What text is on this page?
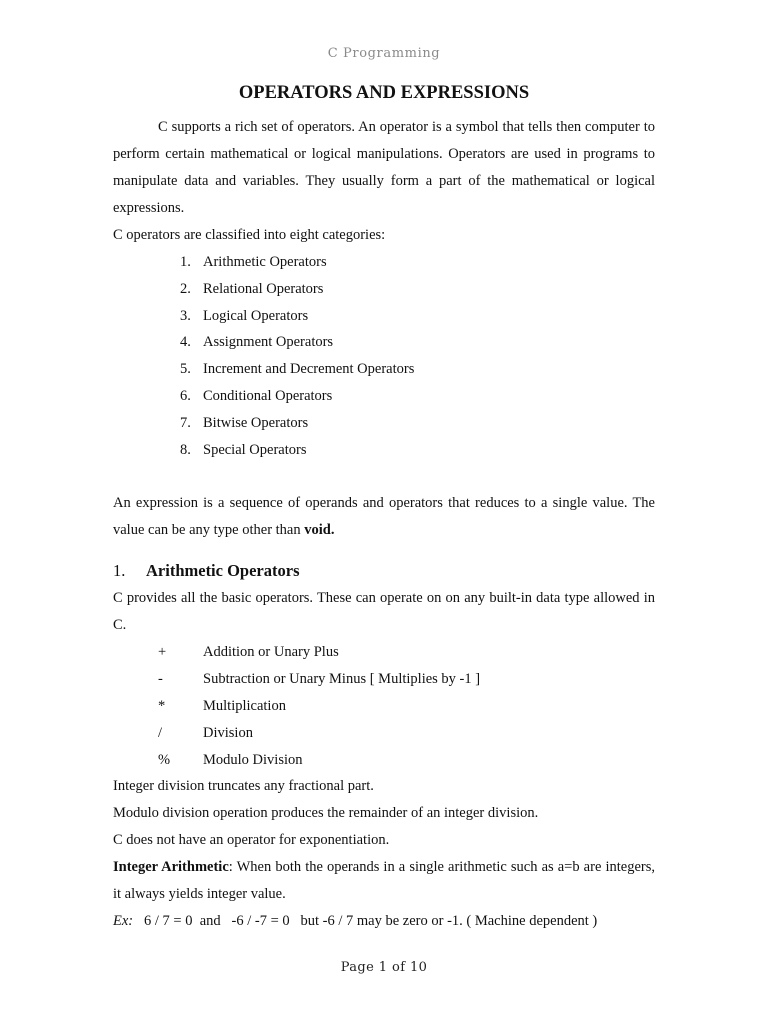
C Programming
OPERATORS AND EXPRESSIONS

C supports a rich set of operators. An operator is a symbol that tells then computer to perform certain mathematical or logical manipulations. Operators are used in programs to manipulate data and variables. They usually form a part of the mathematical or logical expressions.

C operators are classified into eight categories:
1. Arithmetic Operators
2. Relational Operators
3. Logical Operators
4. Assignment Operators
5. Increment and Decrement Operators
6. Conditional Operators
7. Bitwise Operators
8. Special Operators

An expression is a sequence of operands and operators that reduces to a single value. The value can be any type other than void.

1. Arithmetic Operators

C provides all the basic operators. These can operate on on any built-in data type allowed in C.

+	Addition or Unary Plus
-	Subtraction or Unary Minus [ Multiplies by -1 ]
*	Multiplication
/	Division
% Modulo Division
Integer division truncates any fractional part.
Modulo division operation produces the remainder of an integer division.
C does not have an operator for exponentiation.

Integer Arithmetic: When both the operands in a single arithmetic such as a=b are integers, it always yields integer value.

Ex: 6 / 7 = 0  and   -6 / -7 = 0   but -6 / 7 may be zero or -1. ( Machine dependent )
Page 1 of 10
